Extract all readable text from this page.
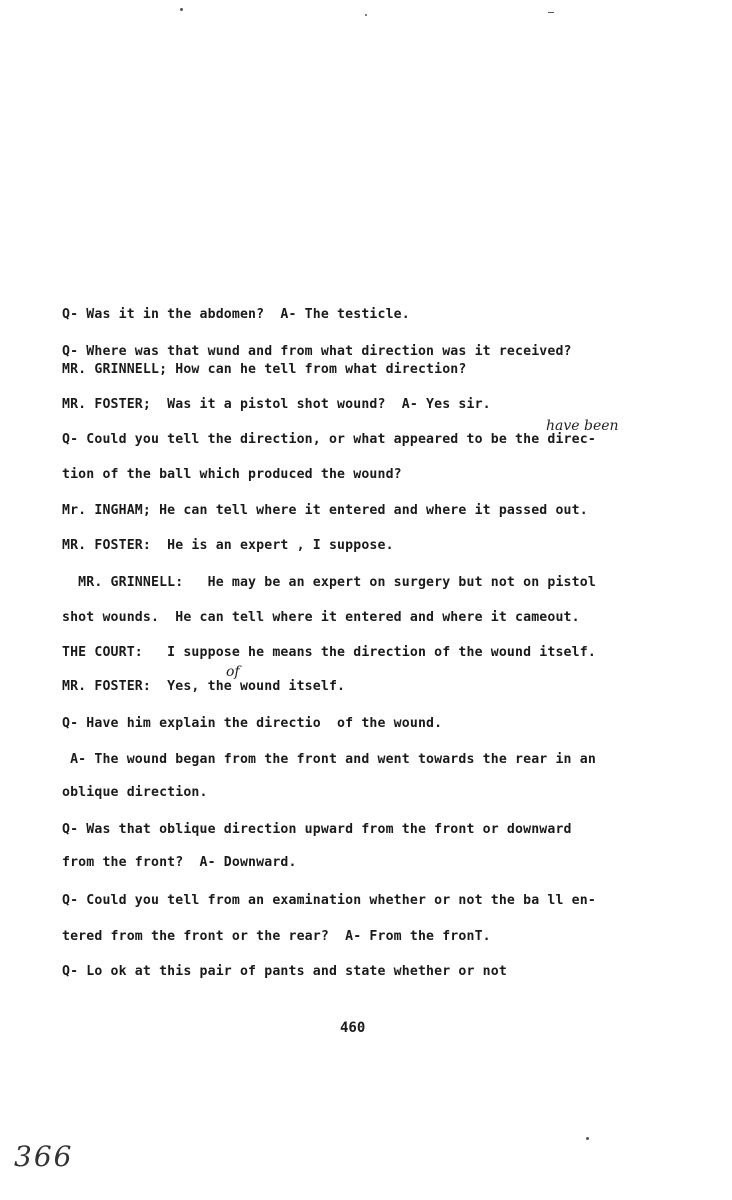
Q- Was it in the abdomen?  A- The testicle.
Q- Where was that wund and from what direction was it received?
MR. GRINNELL; How can he tell from what direction?
MR. FOSTER;  Was it a pistol shot wound?  A- Yes sir.
have been
Q- Could you tell the direction, or what appeared to be the direc-
tion of the ball which produced the wound?
Mr. INGHAM; He can tell where it entered and where it passed out.
MR. FOSTER:  He is an expert , I suppose.
MR. GRINNELL:   He may be an expert on surgery but not on pistol
shot wounds.  He can tell where it entered and where it cameout.
THE COURT:   I suppose he means the direction of the wound itself.
of
MR. FOSTER:  Yes, the wound itself.
Q- Have him explain the directio  of the wound.
A- The wound began from the front and went towards the rear in an
oblique direction.
Q- Was that oblique direction upward from the front or downward
from the front?  A- Downward.
Q- Could you tell from an examination whether or not the ba ll en-
tered from the front or the rear?  A- From the fronT.
Q- Lo ok at this pair of pants and state whether or not
460
366
